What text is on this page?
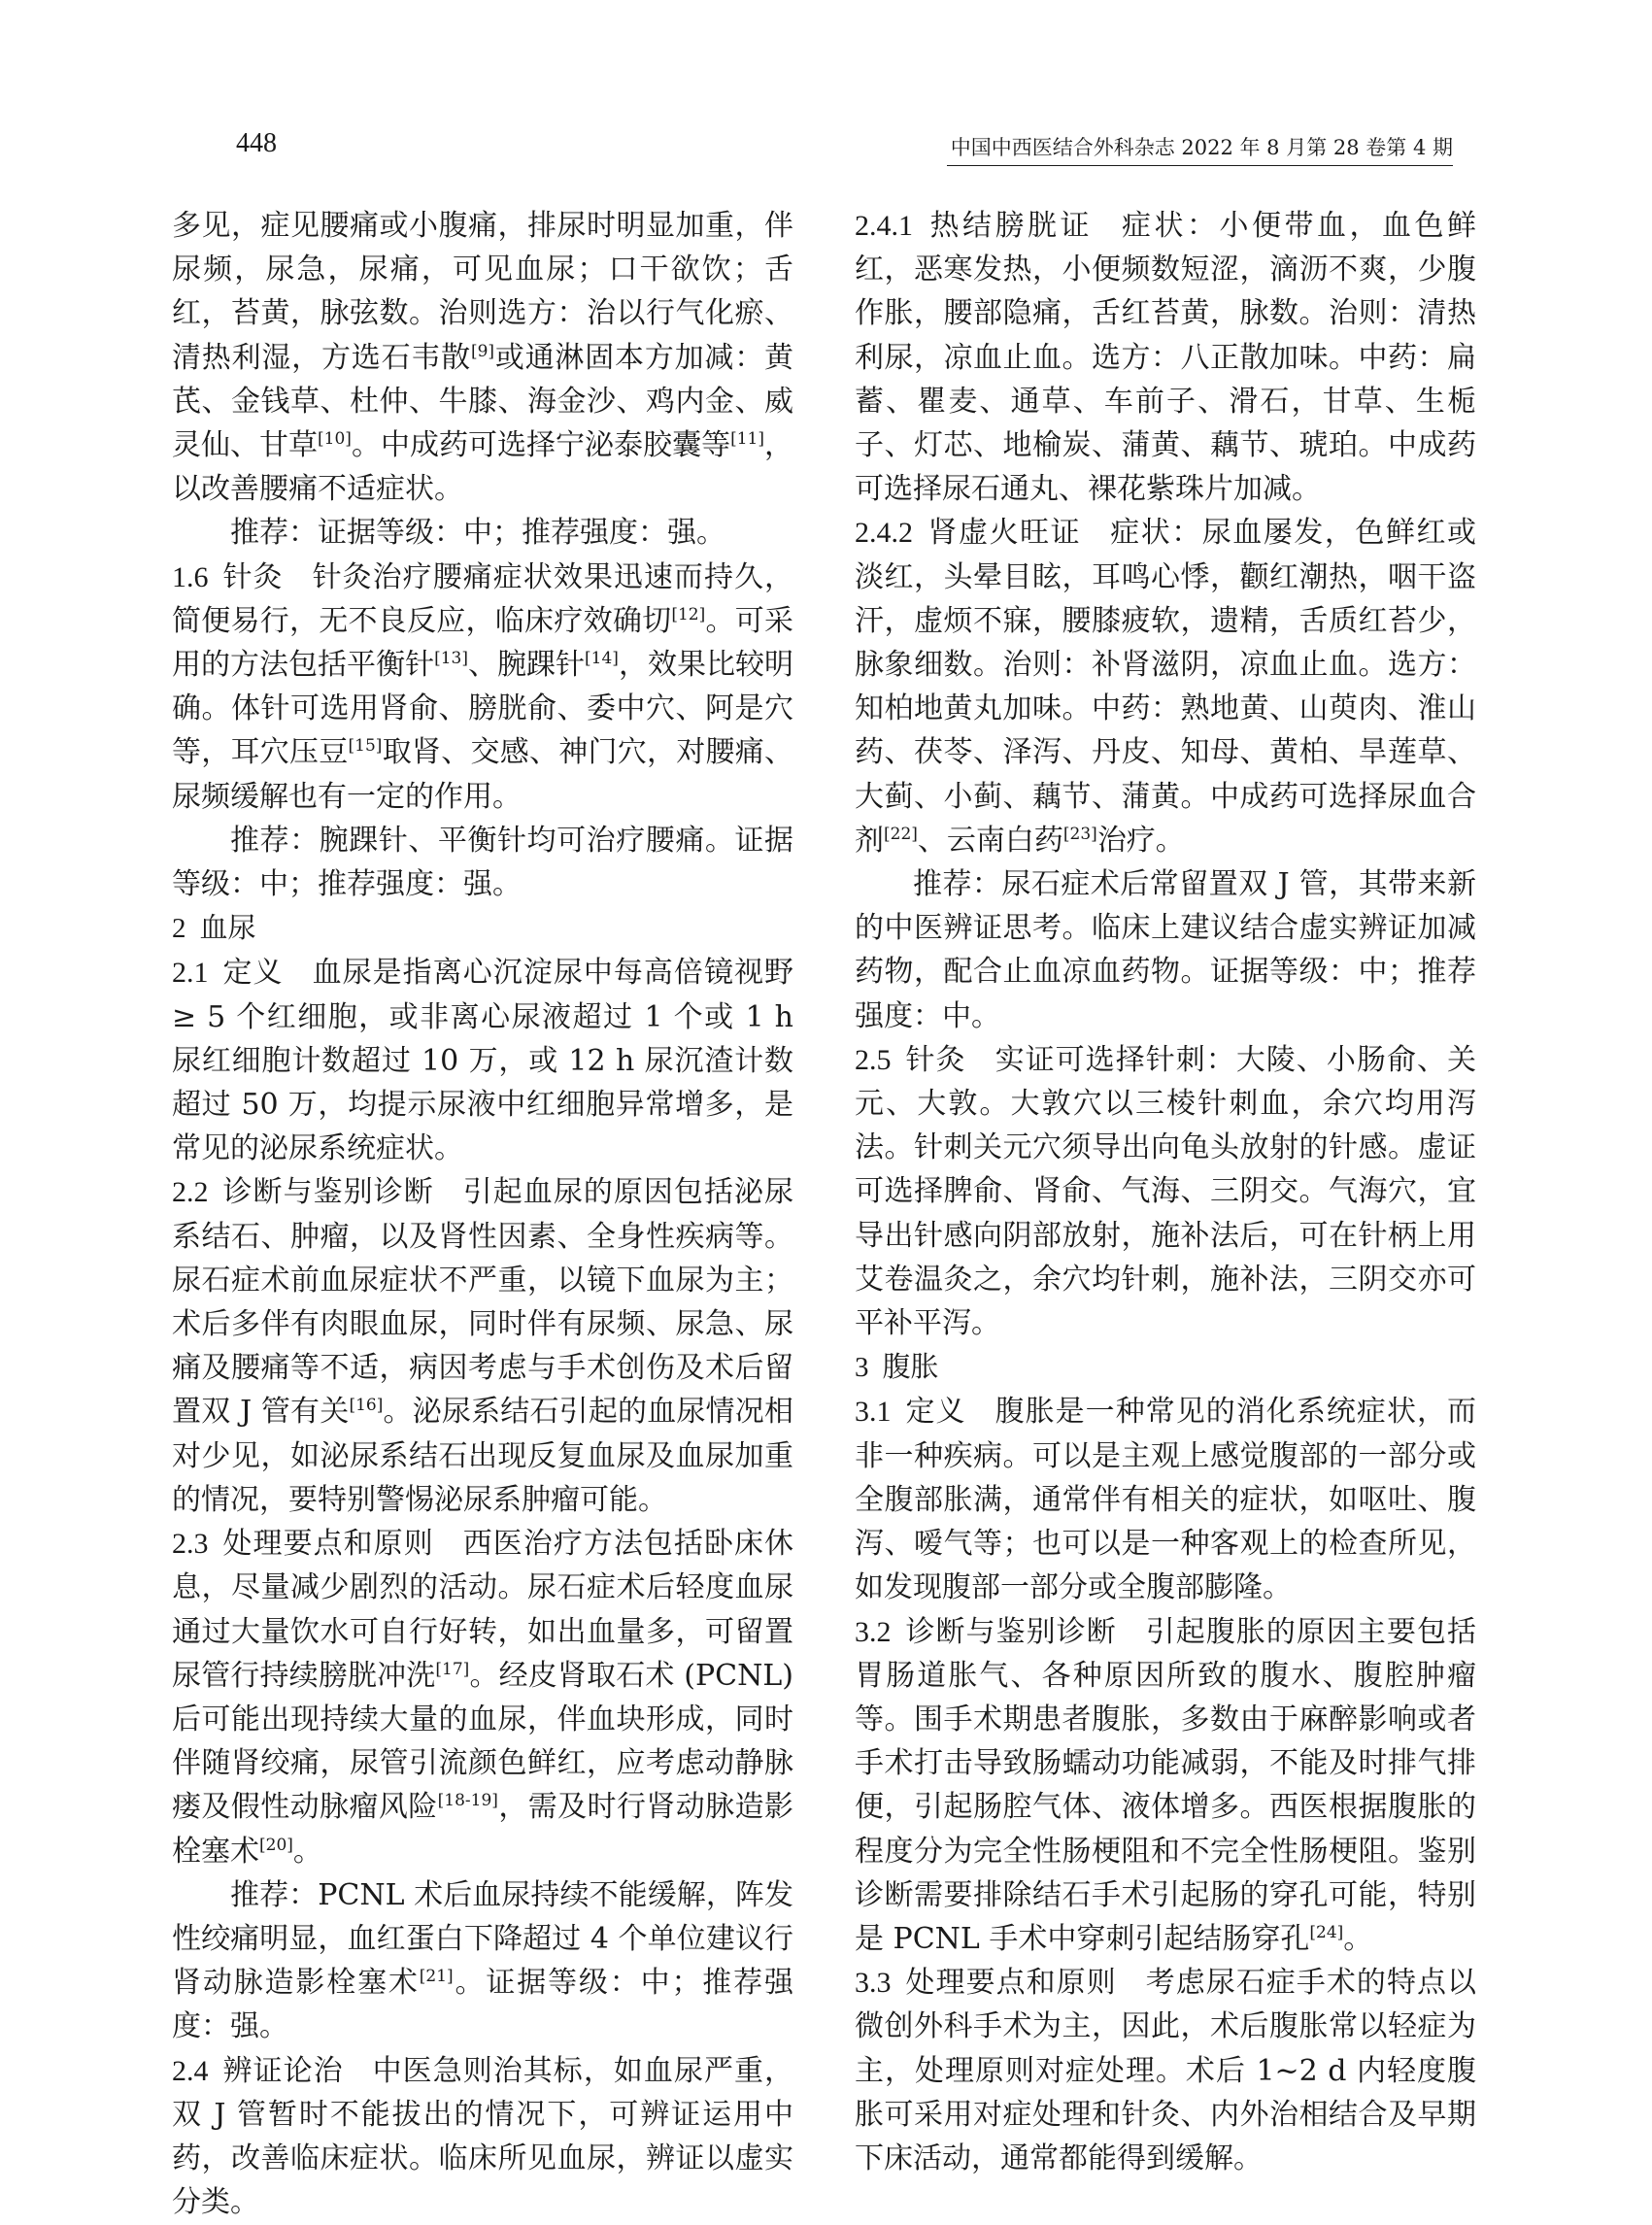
448	中国中西医结合外科杂志 2022 年 8 月第 28 卷第 4 期

多见，症见腰痛或小腹痛，排尿时明显加重，伴尿频，尿急，尿痛，可见血尿；口干欲饮；舌红，苔黄，脉弦数。治则选方：治以行气化瘀、清热利湿，方选石韦散[9]或通淋固本方加减：黄芪、金钱草、杜仲、牛膝、海金沙、鸡内金、威灵仙、甘草[10]。中成药可选择宁泌泰胶囊等[11]，以改善腰痛不适症状。

推荐：证据等级：中；推荐强度：强。

1.6 针灸 针灸治疗腰痛症状效果迅速而持久，简便易行，无不良反应，临床疗效确切[12]。可采用的方法包括平衡针[13]、腕踝针[14]，效果比较明确。体针可选用肾俞、膀胱俞、委中穴、阿是穴等，耳穴压豆[15]取肾、交感、神门穴，对腰痛、尿频缓解也有一定的作用。

推荐：腕踝针、平衡针均可治疗腰痛。证据等级：中；推荐强度：强。

2 血尿

2.1 定义 血尿是指离心沉淀尿中每高倍镜视野 ≥ 5 个红细胞，或非离心尿液超过 1 个或 1 h 尿红细胞计数超过 10 万，或 12 h 尿沉渣计数超过 50 万，均提示尿液中红细胞异常增多，是常见的泌尿系统症状。

2.2 诊断与鉴别诊断 引起血尿的原因包括泌尿系结石、肿瘤，以及肾性因素、全身性疾病等。尿石症术前血尿症状不严重，以镜下血尿为主；术后多伴有肉眼血尿，同时伴有尿频、尿急、尿痛及腰痛等不适，病因考虑与手术创伤及术后留置双 J 管有关[16]。泌尿系结石引起的血尿情况相对少见，如泌尿系结石出现反复血尿及血尿加重的情况，要特别警惕泌尿系肿瘤可能。

2.3 处理要点和原则 西医治疗方法包括卧床休息，尽量减少剧烈的活动。尿石症术后轻度血尿通过大量饮水可自行好转，如出血量多，可留置尿管行持续膀胱冲洗[17]。经皮肾取石术 (PCNL) 后可能出现持续大量的血尿，伴血块形成，同时伴随肾绞痛，尿管引流颜色鲜红，应考虑动静脉瘘及假性动脉瘤风险[18-19]，需及时行肾动脉造影栓塞术[20]。

推荐：PCNL 术后血尿持续不能缓解，阵发性绞痛明显，血红蛋白下降超过 4 个单位建议行肾动脉造影栓塞术[21]。证据等级：中；推荐强度：强。

2.4 辨证论治 中医急则治其标，如血尿严重，双 J 管暂时不能拔出的情况下，可辨证运用中药，改善临床症状。临床所见血尿，辨证以虚实分类。

2.4.1 热结膀胱证 症状：小便带血，血色鲜红，恶寒发热，小便频数短涩，滴沥不爽，少腹作胀，腰部隐痛，舌红苔黄，脉数。治则：清热利尿，凉血止血。选方：八正散加味。中药：扁蓄、瞿麦、通草、车前子、滑石，甘草、生栀子、灯芯、地榆炭、蒲黄、藕节、琥珀。中成药可选择尿石通丸、裸花紫珠片加减。

2.4.2 肾虚火旺证 症状：尿血屡发，色鲜红或淡红，头晕目眩，耳鸣心悸，颧红潮热，咽干盗汗，虚烦不寐，腰膝疲软，遗精，舌质红苔少，脉象细数。治则：补肾滋阴，凉血止血。选方：知柏地黄丸加味。中药：熟地黄、山萸肉、淮山药、茯苓、泽泻、丹皮、知母、黄柏、旱莲草、大蓟、小蓟、藕节、蒲黄。中成药可选择尿血合剂[22]、云南白药[23]治疗。

推荐：尿石症术后常留置双 J 管，其带来新的中医辨证思考。临床上建议结合虚实辨证加减药物，配合止血凉血药物。证据等级：中；推荐强度：中。

2.5 针灸 实证可选择针刺：大陵、小肠俞、关元、大敦。大敦穴以三棱针刺血，余穴均用泻法。针刺关元穴须导出向龟头放射的针感。虚证可选择脾俞、肾俞、气海、三阴交。气海穴，宜导出针感向阴部放射，施补法后，可在针柄上用艾卷温灸之，余穴均针刺，施补法，三阴交亦可平补平泻。

3 腹胀

3.1 定义 腹胀是一种常见的消化系统症状，而非一种疾病。可以是主观上感觉腹部的一部分或全腹部胀满，通常伴有相关的症状，如呕吐、腹泻、嗳气等；也可以是一种客观上的检查所见，如发现腹部一部分或全腹部膨隆。

3.2 诊断与鉴别诊断 引起腹胀的原因主要包括胃肠道胀气、各种原因所致的腹水、腹腔肿瘤等。围手术期患者腹胀，多数由于麻醉影响或者手术打击导致肠蠕动功能减弱，不能及时排气排便，引起肠腔气体、液体增多。西医根据腹胀的程度分为完全性肠梗阻和不完全性肠梗阻。鉴别诊断需要排除结石手术引起肠的穿孔可能，特别是 PCNL 手术中穿刺引起结肠穿孔[24]。

3.3 处理要点和原则 考虑尿石症手术的特点以微创外科手术为主，因此，术后腹胀常以轻症为主，处理原则对症处理。术后 1~2 d 内轻度腹胀可采用对症处理和针灸、内外治相结合及早期下床活动，通常都能得到缓解。
